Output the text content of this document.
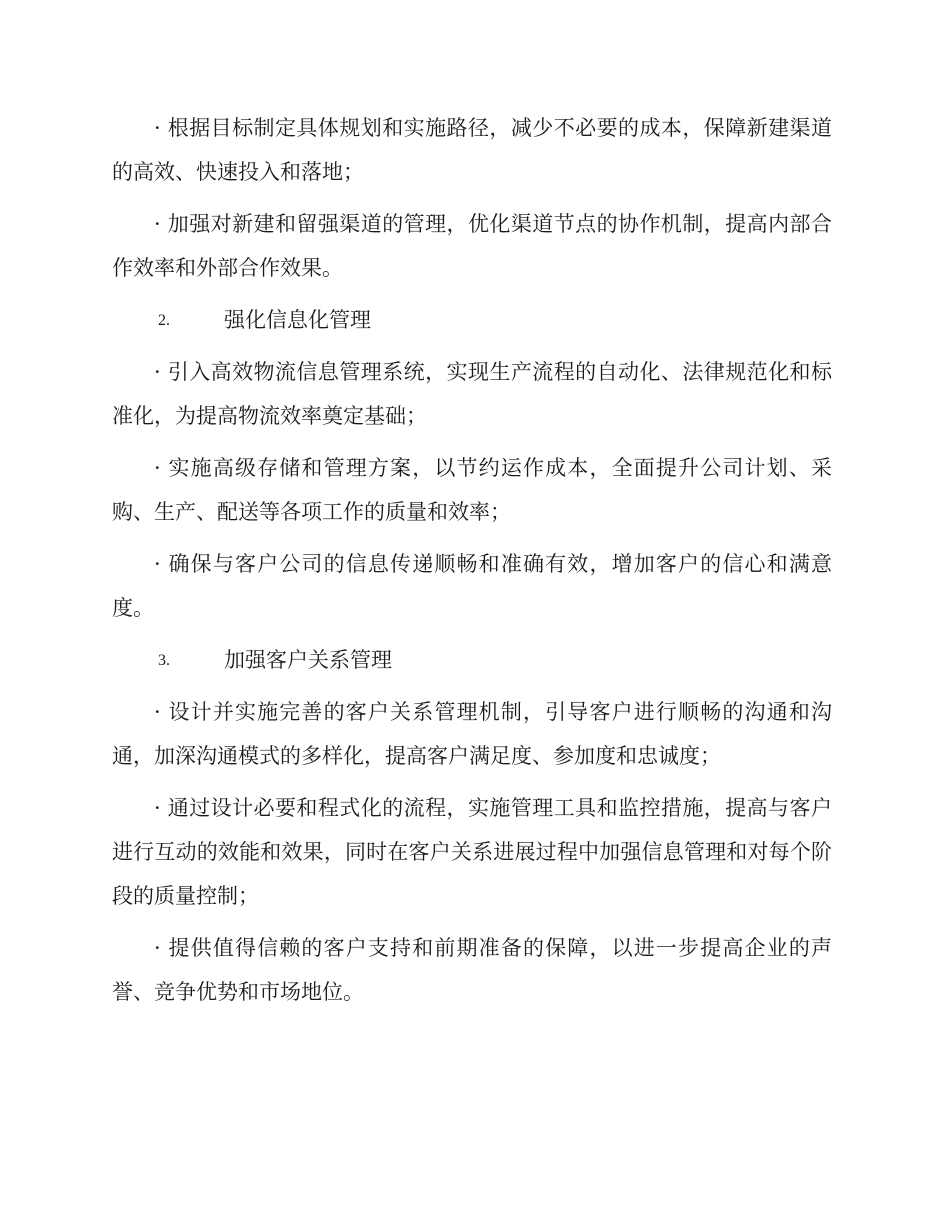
· 根据目标制定具体规划和实施路径，减少不必要的成本，保障新建渠道的高效、快速投入和落地；

· 加强对新建和留强渠道的管理，优化渠道节点的协作机制，提高内部合作效率和外部合作效果。

2.	强化信息化管理

· 引入高效物流信息管理系统，实现生产流程的自动化、法律规范化和标准化，为提高物流效率奠定基础；

· 实施高级存储和管理方案，以节约运作成本，全面提升公司计划、采购、生产、配送等各项工作的质量和效率；

· 确保与客户公司的信息传递顺畅和准确有效，增加客户的信心和满意度。

3.	加强客户关系管理

· 设计并实施完善的客户关系管理机制，引导客户进行顺畅的沟通和沟通，加深沟通模式的多样化，提高客户满足度、参加度和忠诚度；

· 通过设计必要和程式化的流程，实施管理工具和监控措施，提高与客户进行互动的效能和效果，同时在客户关系进展过程中加强信息管理和对每个阶段的质量控制；

· 提供值得信赖的客户支持和前期准备的保障，以进一步提高企业的声誉、竞争优势和市场地位。
